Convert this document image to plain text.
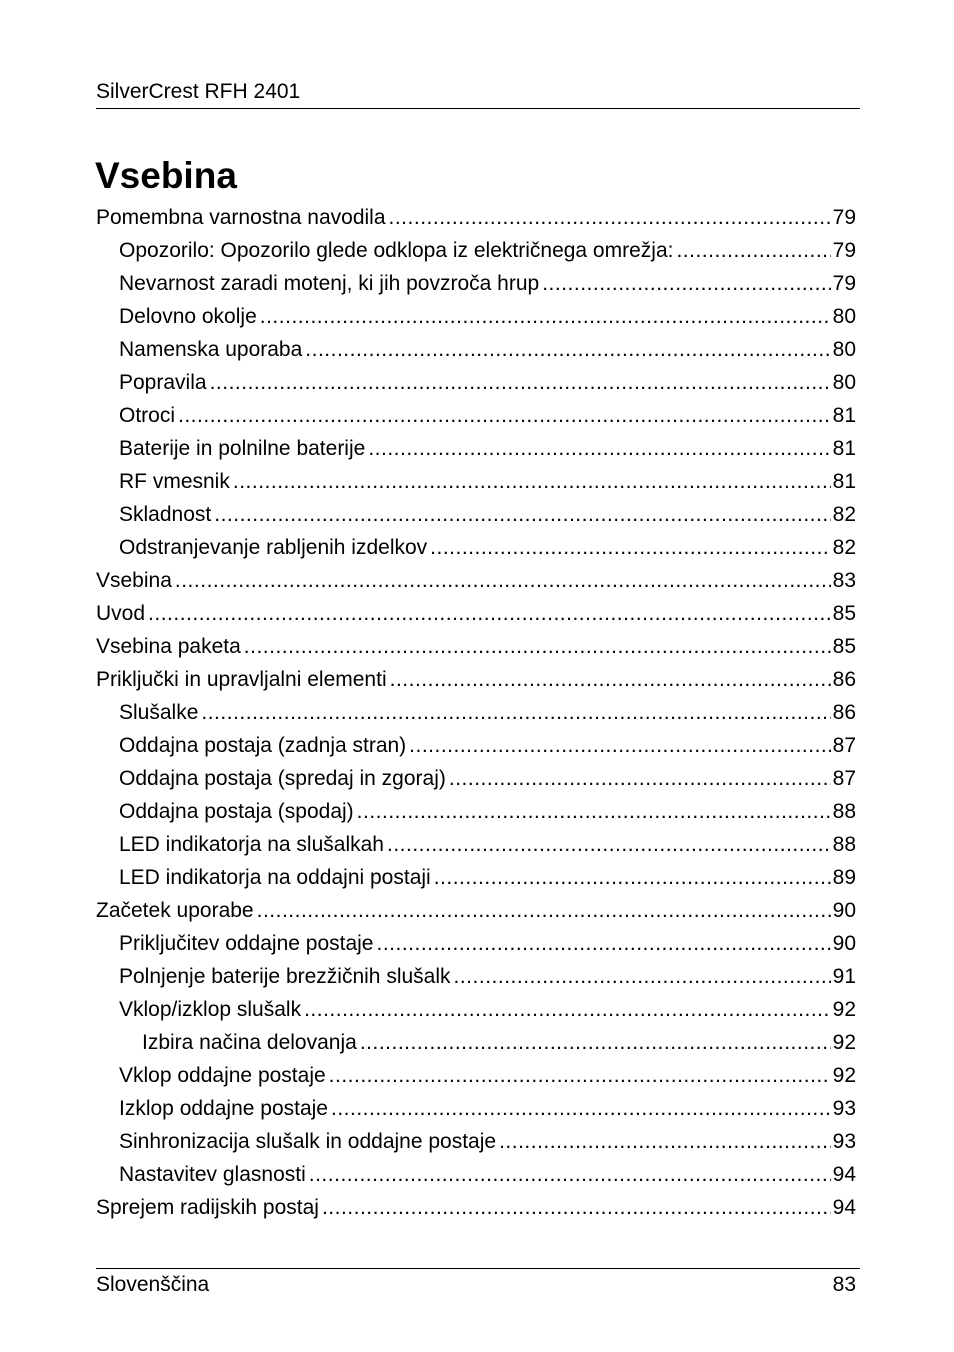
SilverCrest RFH 2401
Vsebina
Pomembna varnostna navodila .....	79
Opozorilo: Opozorilo glede odklopa iz električnega omrežja: .....	79
Nevarnost zaradi motenj, ki jih povzroča hrup .....	79
Delovno okolje .....	80
Namenska uporaba .....	80
Popravila .....	80
Otroci .....	81
Baterije in polnilne baterije .....	81
RF vmesnik .....	81
Skladnost .....	82
Odstranjevanje rabljenih izdelkov .....	82
Vsebina .....	83
Uvod .....	85
Vsebina paketa .....	85
Priključki in upravljalni elementi .....	86
Slušalke .....	86
Oddajna postaja (zadnja stran) .....	87
Oddajna postaja (spredaj in zgoraj) .....	87
Oddajna postaja (spodaj) .....	88
LED indikatorja na slušalkah .....	88
LED indikatorja na oddajni postaji .....	89
Začetek uporabe .....	90
Priključitev oddajne postaje .....	90
Polnjenje baterije brezžičnih slušalk .....	91
Vklop/izklop slušalk .....	92
Izbira načina delovanja .....	92
Vklop oddajne postaje .....	92
Izklop oddajne postaje .....	93
Sinhronizacija slušalk in oddajne postaje .....	93
Nastavitev glasnosti .....	94
Sprejem radijskih postaj .....	94
Slovenščina	83
